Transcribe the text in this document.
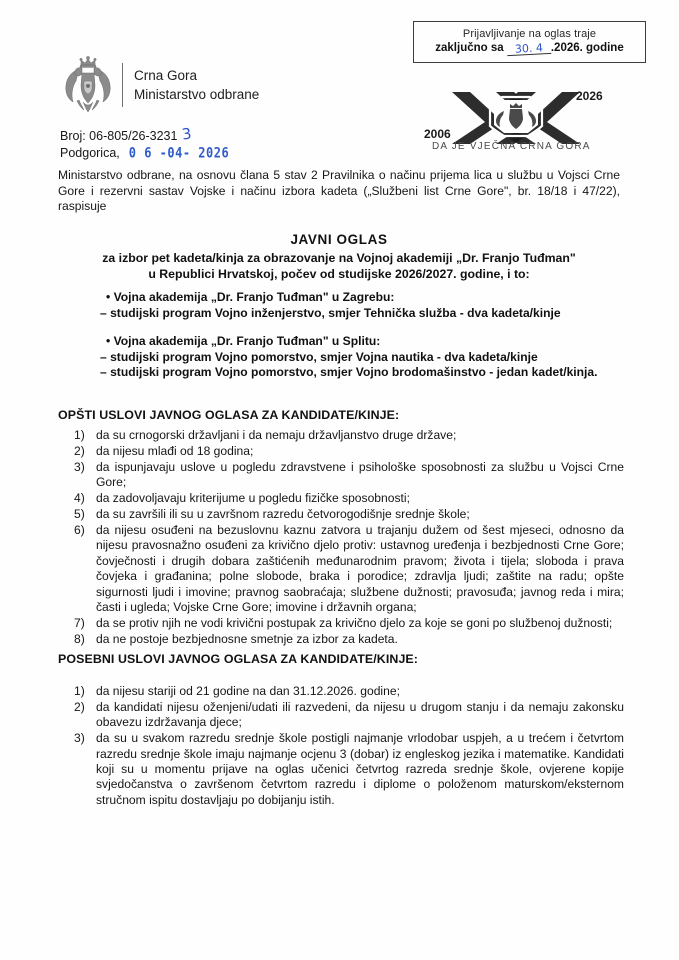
Prijavljivanje na oglas traje
zaključno sa 30. 4 .2026. godine
Crna Gora
Ministarstvo odbrane
Broj: 06-805/26-3231 3
Podgorica, 0 6 -04- 2026
2026
2006
DA JE VJEČNA CRNA GORA
Ministarstvo odbrane, na osnovu člana 5 stav 2 Pravilnika o načinu prijema lica u službu u Vojsci Crne Gore i rezervni sastav Vojske i načinu izbora kadeta („Službeni list Crne Gore", br. 18/18 i 47/22), raspisuje
JAVNI OGLAS
za izbor pet kadeta/kinja za obrazovanje na Vojnoj akademiji „Dr. Franjo Tuđman"
u Republici Hrvatskoj, počev od studijske 2026/2027. godine, i to:
• Vojna akademija „Dr. Franjo Tuđman" u Zagrebu:
– studijski program Vojno inženjerstvo, smjer Tehnička služba - dva kadeta/kinje
• Vojna akademija „Dr. Franjo Tuđman" u Splitu:
– studijski program Vojno pomorstvo, smjer Vojna nautika - dva kadeta/kinje
– studijski program Vojno pomorstvo, smjer Vojno brodomašinstvo - jedan kadet/kinja.
OPŠTI USLOVI JAVNOG OGLASA ZA KANDIDATE/KINJE:
1) da su crnogorski državljani i da nemaju državljanstvo druge države;
2) da nijesu mlađi od 18 godina;
3) da ispunjavaju uslove u pogledu zdravstvene i psihološke sposobnosti za službu u Vojsci Crne Gore;
4) da zadovoljavaju kriterijume u pogledu fizičke sposobnosti;
5) da su završili ili su u završnom razredu četvorogodišnje srednje škole;
6) da nijesu osuđeni na bezuslovnu kaznu zatvora u trajanju dužem od šest mjeseci, odnosno da nijesu pravosnažno osuđeni za krivično djelo protiv: ustavnog uređenja i bezbjednosti Crne Gore; čovječnosti i drugih dobara zaštićenih međunarodnim pravom; života i tijela; sloboda i prava čovjeka i građanina; polne slobode, braka i porodice; zdravlja ljudi; zaštite na radu; opšte sigurnosti ljudi i imovine; pravnog saobraćaja; službene dužnosti; pravosuđa; javnog reda i mira; časti i ugleda; Vojske Crne Gore; imovine i državnih organa;
7) da se protiv njih ne vodi krivični postupak za krivično djelo za koje se goni po službenoj dužnosti;
8) da ne postoje bezbjednosne smetnje za izbor za kadeta.
POSEBNI USLOVI JAVNOG OGLASA ZA KANDIDATE/KINJE:
1) da nijesu stariji od 21 godine na dan 31.12.2026. godine;
2) da kandidati nijesu oženjeni/udati ili razvedeni, da nijesu u drugom stanju i da nemaju zakonsku obavezu izdržavanja djece;
3) da su u svakom razredu srednje škole postigli najmanje vrlodobar uspjeh, a u trećem i četvrtom razredu srednje škole imaju najmanje ocjenu 3 (dobar) iz engleskog jezika i matematike. Kandidati koji su u momentu prijave na oglas učenici četvrtog razreda srednje škole, ovjerene kopije svjedočanstva o završenom četvrtom razredu i diplome o položenom maturskom/eksternom stručnom ispitu dostavljaju po dobijanju istih.
